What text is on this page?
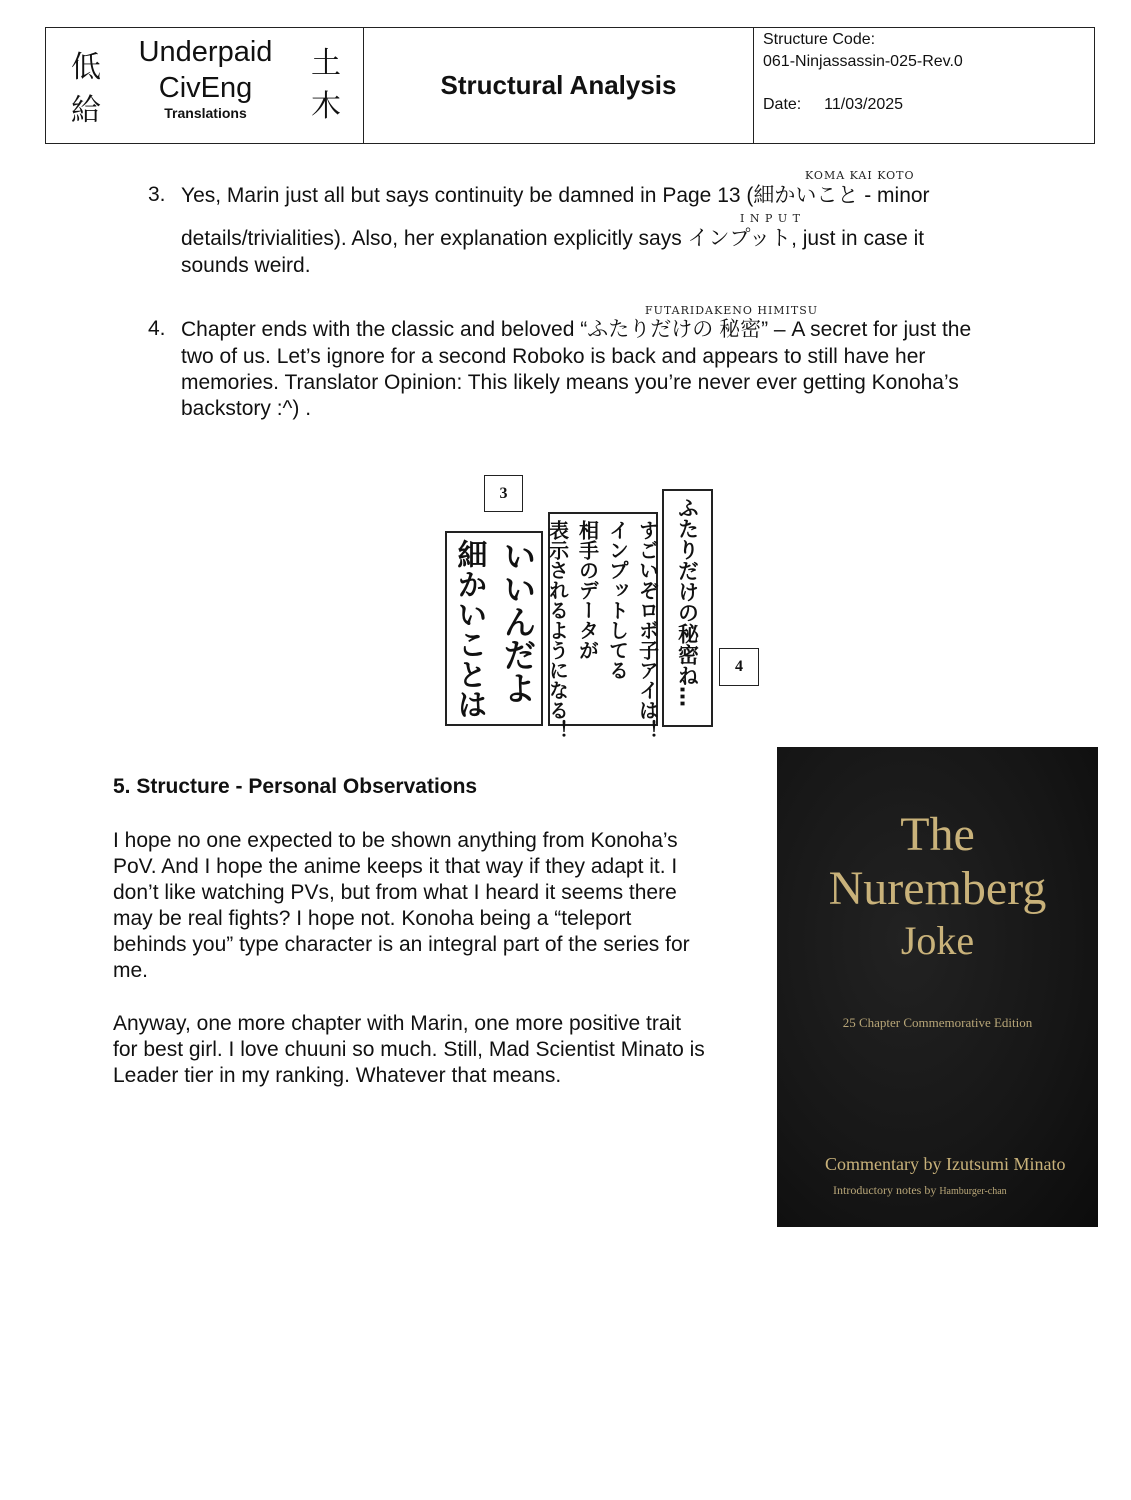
低
給
Underpaid
CivEng
Translations
土
木
Structural Analysis
Structure Code:
061-Ninjassassin-025-Rev.0
Date: 11/03/2025
3.
KOMA KAI KOTO
Yes, Marin just all but says continuity be damned in Page 13 (細かいこと - minor
I N P U T
details/trivialities). Also, her explanation explicitly says インプット, just in case it
sounds weird.
4.
FUTARIDAKENO HIMITSU
Chapter ends with the classic and beloved “ふたりだけの 秘密” – A secret for just the
two of us. Let’s ignore for a second Roboko is back and appears to still have her
memories. Translator Opinion: This likely means you’re never ever getting Konoha’s
backstory :^) .
3
いいんだよ
細かいことは	すごいぞロボ子アイは！
インプットしてる
相手のデータが
表示されるようになる！	ふたりだけの秘密ね…	4
5. Structure - Personal Observations
I hope no one expected to be shown anything from Konoha’s
PoV. And I hope the anime keeps it that way if they adapt it. I
don’t like watching PVs, but from what I heard it seems there
may be real fights? I hope not. Konoha being a “teleport
behinds you” type character is an integral part of the series for
me.
Anyway, one more chapter with Marin, one more positive trait
for best girl. I love chuuni so much. Still, Mad Scientist Minato is
Leader tier in my ranking. Whatever that means.
The
Nuremberg
Joke
25 Chapter Commemorative Edition
Commentary by Izutsumi Minato
Introductory notes by Hamburger-chan
